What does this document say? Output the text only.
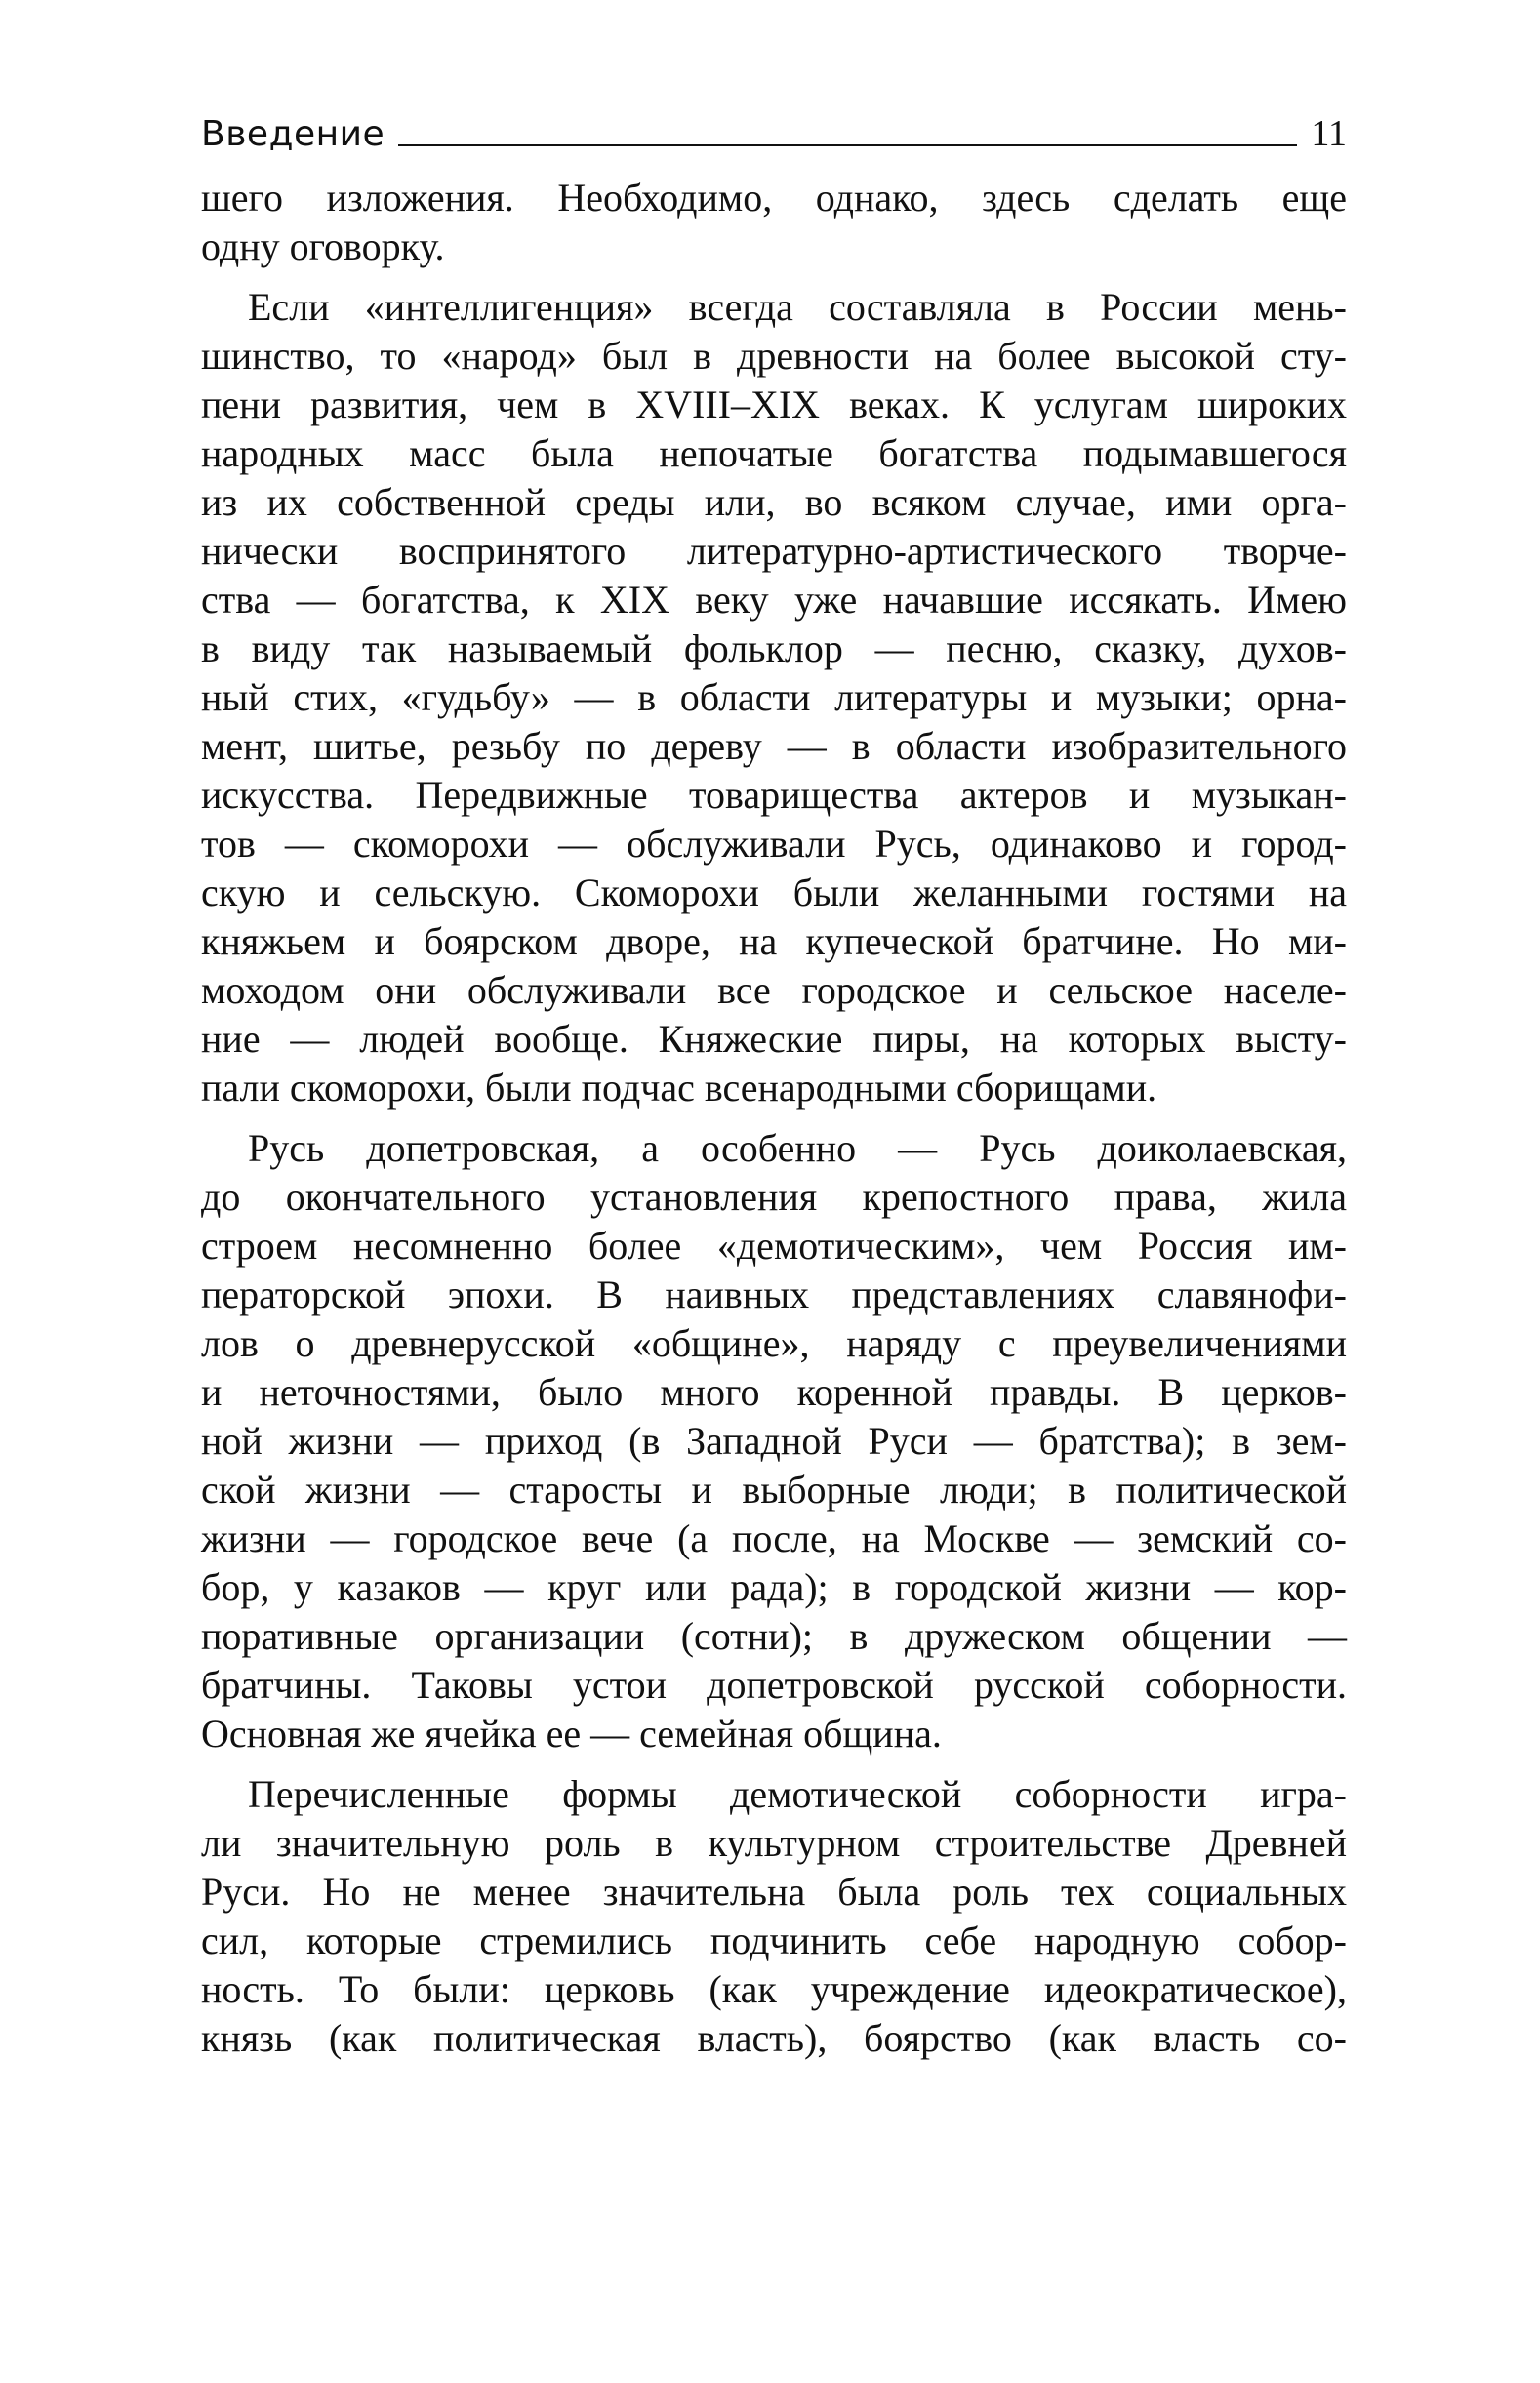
Введение	11
шего изложения. Необходимо, однако, здесь сделать еще
одну оговорку.
Если «интеллигенция» всегда составляла в России мень-
шинство, то «народ» был в древности на более высокой сту-
пени развития, чем в XVIII–XIX веках. К услугам широких
народных масс была непочатые богатства подымавшегося
из их собственной среды или, во всяком случае, ими орга-
нически воспринятого литературно-артистического творче-
ства — богатства, к XIX веку уже начавшие иссякать. Имею
в виду так называемый фольклор — песню, сказку, духов-
ный стих, «гудьбу» — в области литературы и музыки; орна-
мент, шитье, резьбу по дереву — в области изобразительного
искусства. Передвижные товарищества актеров и музыкан-
тов — скоморохи — обслуживали Русь, одинаково и город-
скую и сельскую. Скоморохи были желанными гостями на
княжьем и боярском дворе, на купеческой братчине. Но ми-
моходом они обслуживали все городское и сельское населе-
ние — людей вообще. Княжеские пиры, на которых высту-
пали скоморохи, были подчас всенародными сборищами.
Русь допетровская, а особенно — Русь доиколаевская,
до окончательного установления крепостного права, жила
строем несомненно более «демотическим», чем Россия им-
ператорской эпохи. В наивных представлениях славянофи-
лов о древнерусской «общине», наряду с преувеличениями
и неточностями, было много коренной правды. В церков-
ной жизни — приход (в Западной Руси — братства); в зем-
ской жизни — старосты и выборные люди; в политической
жизни — городское вече (а после, на Москве — земский со-
бор, у казаков — круг или рада); в городской жизни — кор-
поративные организации (сотни); в дружеском общении —
братчины. Таковы устои допетровской русской соборности.
Основная же ячейка ее — семейная община.
Перечисленные формы демотической соборности игра-
ли значительную роль в культурном строительстве Древней
Руси. Но не менее значительна была роль тех социальных
сил, которые стремились подчинить себе народную собор-
ность. То были: церковь (как учреждение идеократическое),
князь (как политическая власть), боярство (как власть со-
